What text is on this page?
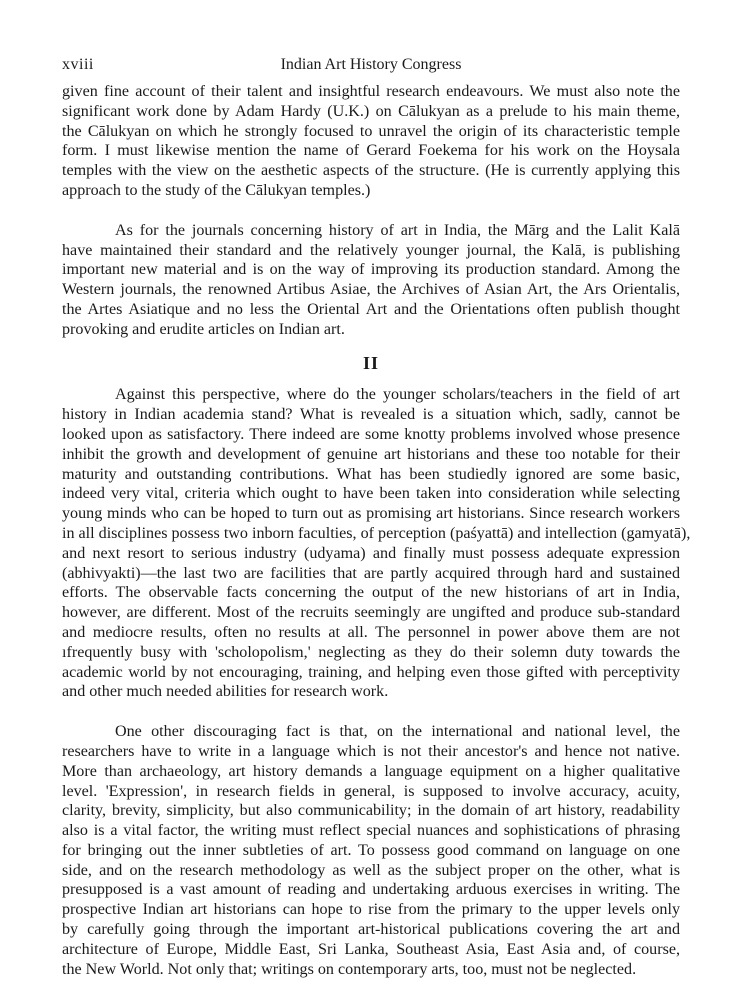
xviii	Indian Art History Congress
given fine account of their talent and insightful research endeavours. We must also note the
significant work done by Adam Hardy (U.K.) on Cālukyan as a prelude to his main theme,
the Cālukyan on which he strongly focused to unravel the origin of its characteristic temple
form. I must likewise mention the name of Gerard Foekema for his work on the Hoysala
temples with the view on the aesthetic aspects of the structure. (He is currently applying this
approach to the study of the Cālukyan temples.)
As for the journals concerning history of art in India, the Mārg and the Lalit Kalā
have maintained their standard and the relatively younger journal, the Kalā, is publishing
important new material and is on the way of improving its production standard. Among the
Western journals, the renowned Artibus Asiae, the Archives of Asian Art, the Ars Orientalis,
the Artes Asiatique and no less the Oriental Art and the Orientations often publish thought
provoking and erudite articles on Indian art.
II
Against this perspective, where do the younger scholars/teachers in the field of art
history in Indian academia stand? What is revealed is a situation which, sadly, cannot be
looked upon as satisfactory. There indeed are some knotty problems involved whose presence
inhibit the growth and development of genuine art historians and these too notable for their
maturity and outstanding contributions. What has been studiedly ignored are some basic,
indeed very vital, criteria which ought to have been taken into consideration while selecting
young minds who can be hoped to turn out as promising art historians. Since research workers
in all disciplines possess two inborn faculties, of perception (paśyattā) and intellection (gamyatā),
and next resort to serious industry (udyama) and finally must possess adequate expression
(abhivyakti)—the last two are facilities that are partly acquired through hard and sustained
efforts. The observable facts concerning the output of the new historians of art in India,
however, are different. Most of the recruits seemingly are ungifted and produce sub-standard
and mediocre results, often no results at all. The personnel in power above them are not
ıfrequently busy with 'scholopolism,' neglecting as they do their solemn duty towards the
academic world by not encouraging, training, and helping even those gifted with perceptivity
and other much needed abilities for research work.
One other discouraging fact is that, on the international and national level, the
researchers have to write in a language which is not their ancestor's and hence not native.
More than archaeology, art history demands a language equipment on a higher qualitative
level. 'Expression', in research fields in general, is supposed to involve accuracy, acuity,
clarity, brevity, simplicity, but also communicability; in the domain of art history, readability
also is a vital factor, the writing must reflect special nuances and sophistications of phrasing
for bringing out the inner subtleties of art. To possess good command on language on one
side, and on the research methodology as well as the subject proper on the other, what is
presupposed is a vast amount of reading and undertaking arduous exercises in writing. The
prospective Indian art historians can hope to rise from the primary to the upper levels only
by carefully going through the important art-historical publications covering the art and
architecture of Europe, Middle East, Sri Lanka, Southeast Asia, East Asia and, of course,
the New World. Not only that; writings on contemporary arts, too, must not be neglected.
